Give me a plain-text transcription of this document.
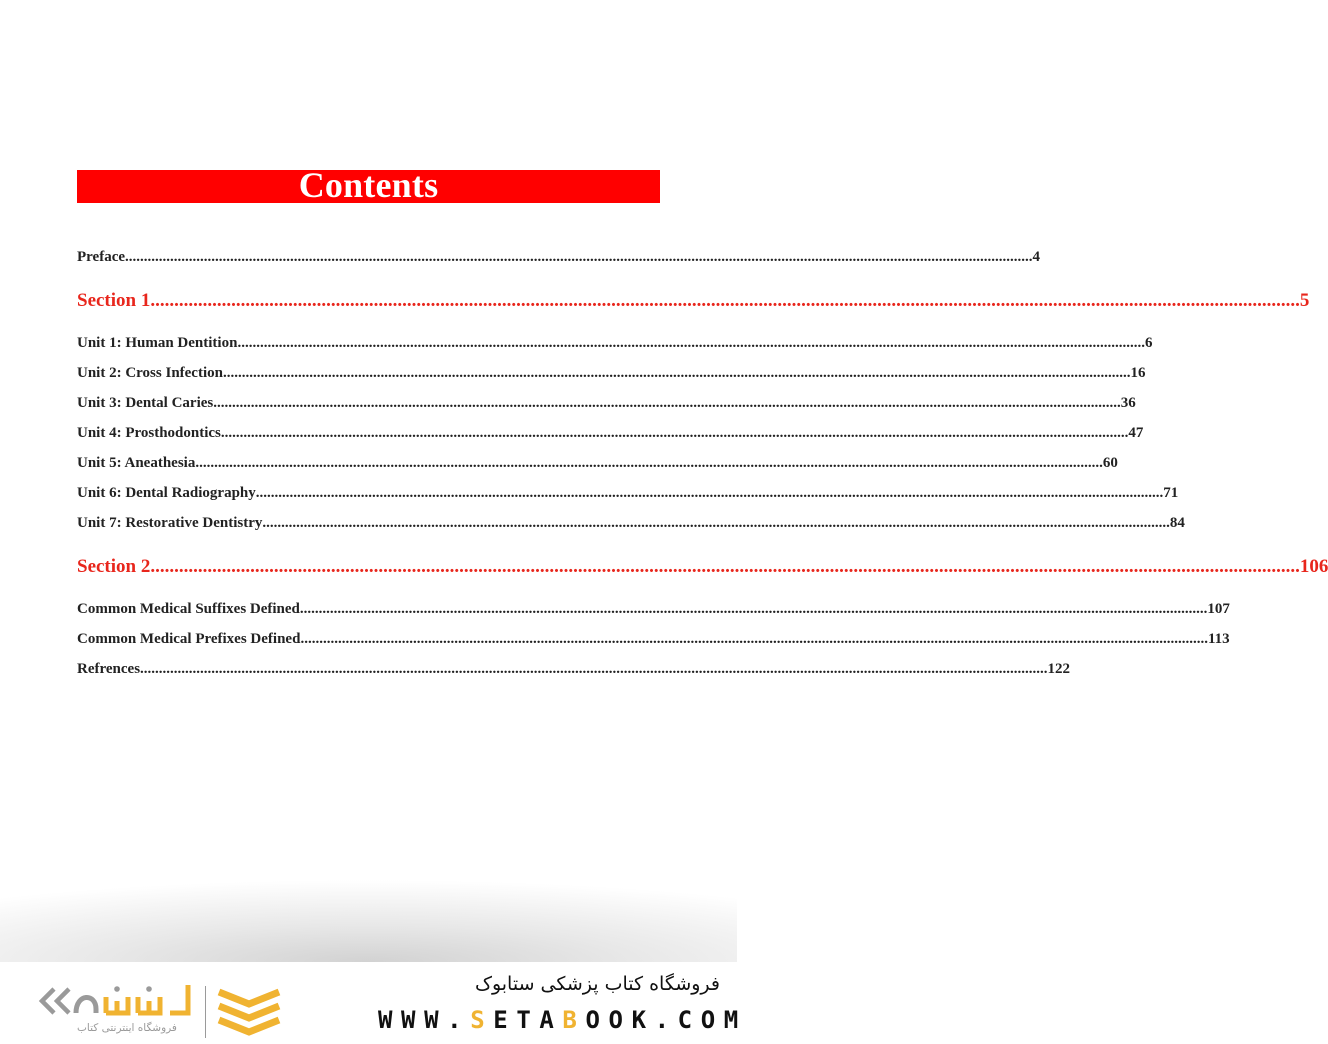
Contents
Preface .....	4
Section 1 .....	5
Unit 1: Human Dentition .....	6
Unit 2: Cross Infection .....	16
Unit 3: Dental Caries .....	36
Unit 4: Prosthodontics .....	47
Unit 5: Aneathesia .....	60
Unit 6: Dental Radiography .....	71
Unit 7: Restorative Dentistry .....	84
Section 2 .....	106
Common Medical Suffixes Defined .....	107
Common Medical Prefixes Defined .....	113
Refrences .....	122
فروشگاه اینترنتی کتاب
فروشگاه کتاب پزشکی ستابوک
WWW.SETABOOK.COM
